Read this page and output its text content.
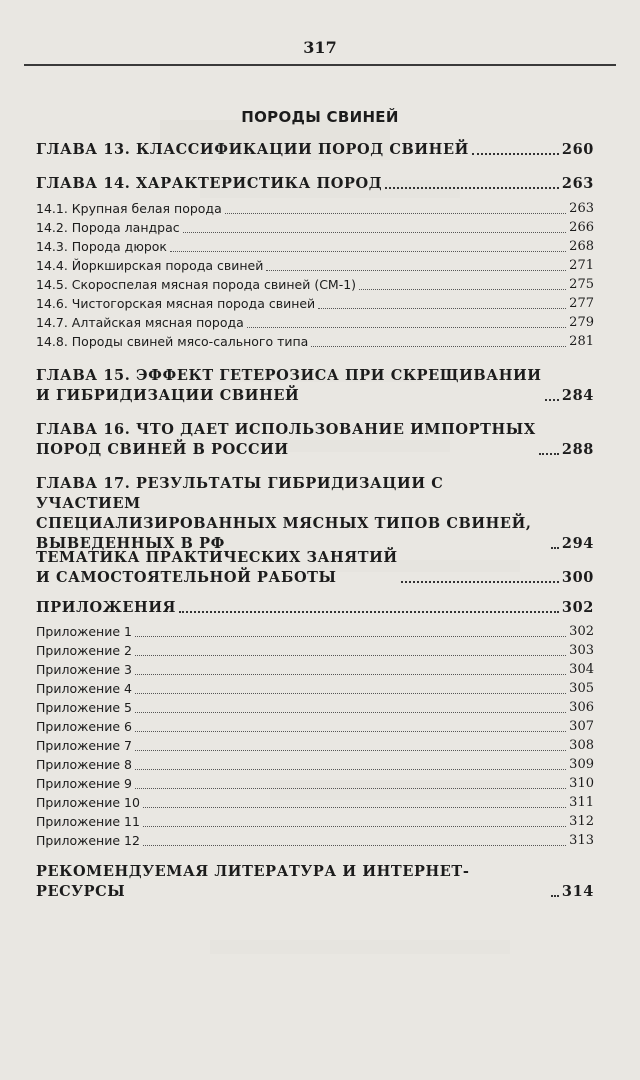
317
ПОРОДЫ СВИНЕЙ
ГЛАВА 13. КЛАССИФИКАЦИИ ПОРОД СВИНЕЙ	260
ГЛАВА 14. ХАРАКТЕРИСТИКА ПОРОД	263
14.1. Крупная белая порода	263
14.2. Порода ландрас	266
14.3. Порода дюрок	268
14.4. Йоркширская порода свиней	271
14.5. Скороспелая мясная порода свиней (СМ-1)	275
14.6. Чистогорская мясная порода свиней	277
14.7. Алтайская мясная порода	279
14.8. Породы свиней мясо-сального типа	281
ГЛАВА 15. ЭФФЕКТ ГЕТЕРОЗИСА ПРИ СКРЕЩИВАНИИ
И ГИБРИДИЗАЦИИ СВИНЕЙ	284
ГЛАВА 16. ЧТО ДАЕТ ИСПОЛЬЗОВАНИЕ ИМПОРТНЫХ
ПОРОД СВИНЕЙ В РОССИИ	288
ГЛАВА 17. РЕЗУЛЬТАТЫ ГИБРИДИЗАЦИИ С УЧАСТИЕМ
СПЕЦИАЛИЗИРОВАННЫХ МЯСНЫХ ТИПОВ СВИНЕЙ,
ВЫВЕДЕННЫХ В РФ	294
ТЕМАТИКА ПРАКТИЧЕСКИХ ЗАНЯТИЙ
И САМОСТОЯТЕЛЬНОЙ РАБОТЫ	300
ПРИЛОЖЕНИЯ	302
Приложение 1	302
Приложение 2	303
Приложение 3	304
Приложение 4	305
Приложение 5	306
Приложение 6	307
Приложение 7	308
Приложение 8	309
Приложение 9	310
Приложение 10	311
Приложение 11	312
Приложение 12	313
РЕКОМЕНДУЕМАЯ ЛИТЕРАТУРА И ИНТЕРНЕТ-РЕСУРСЫ	314
